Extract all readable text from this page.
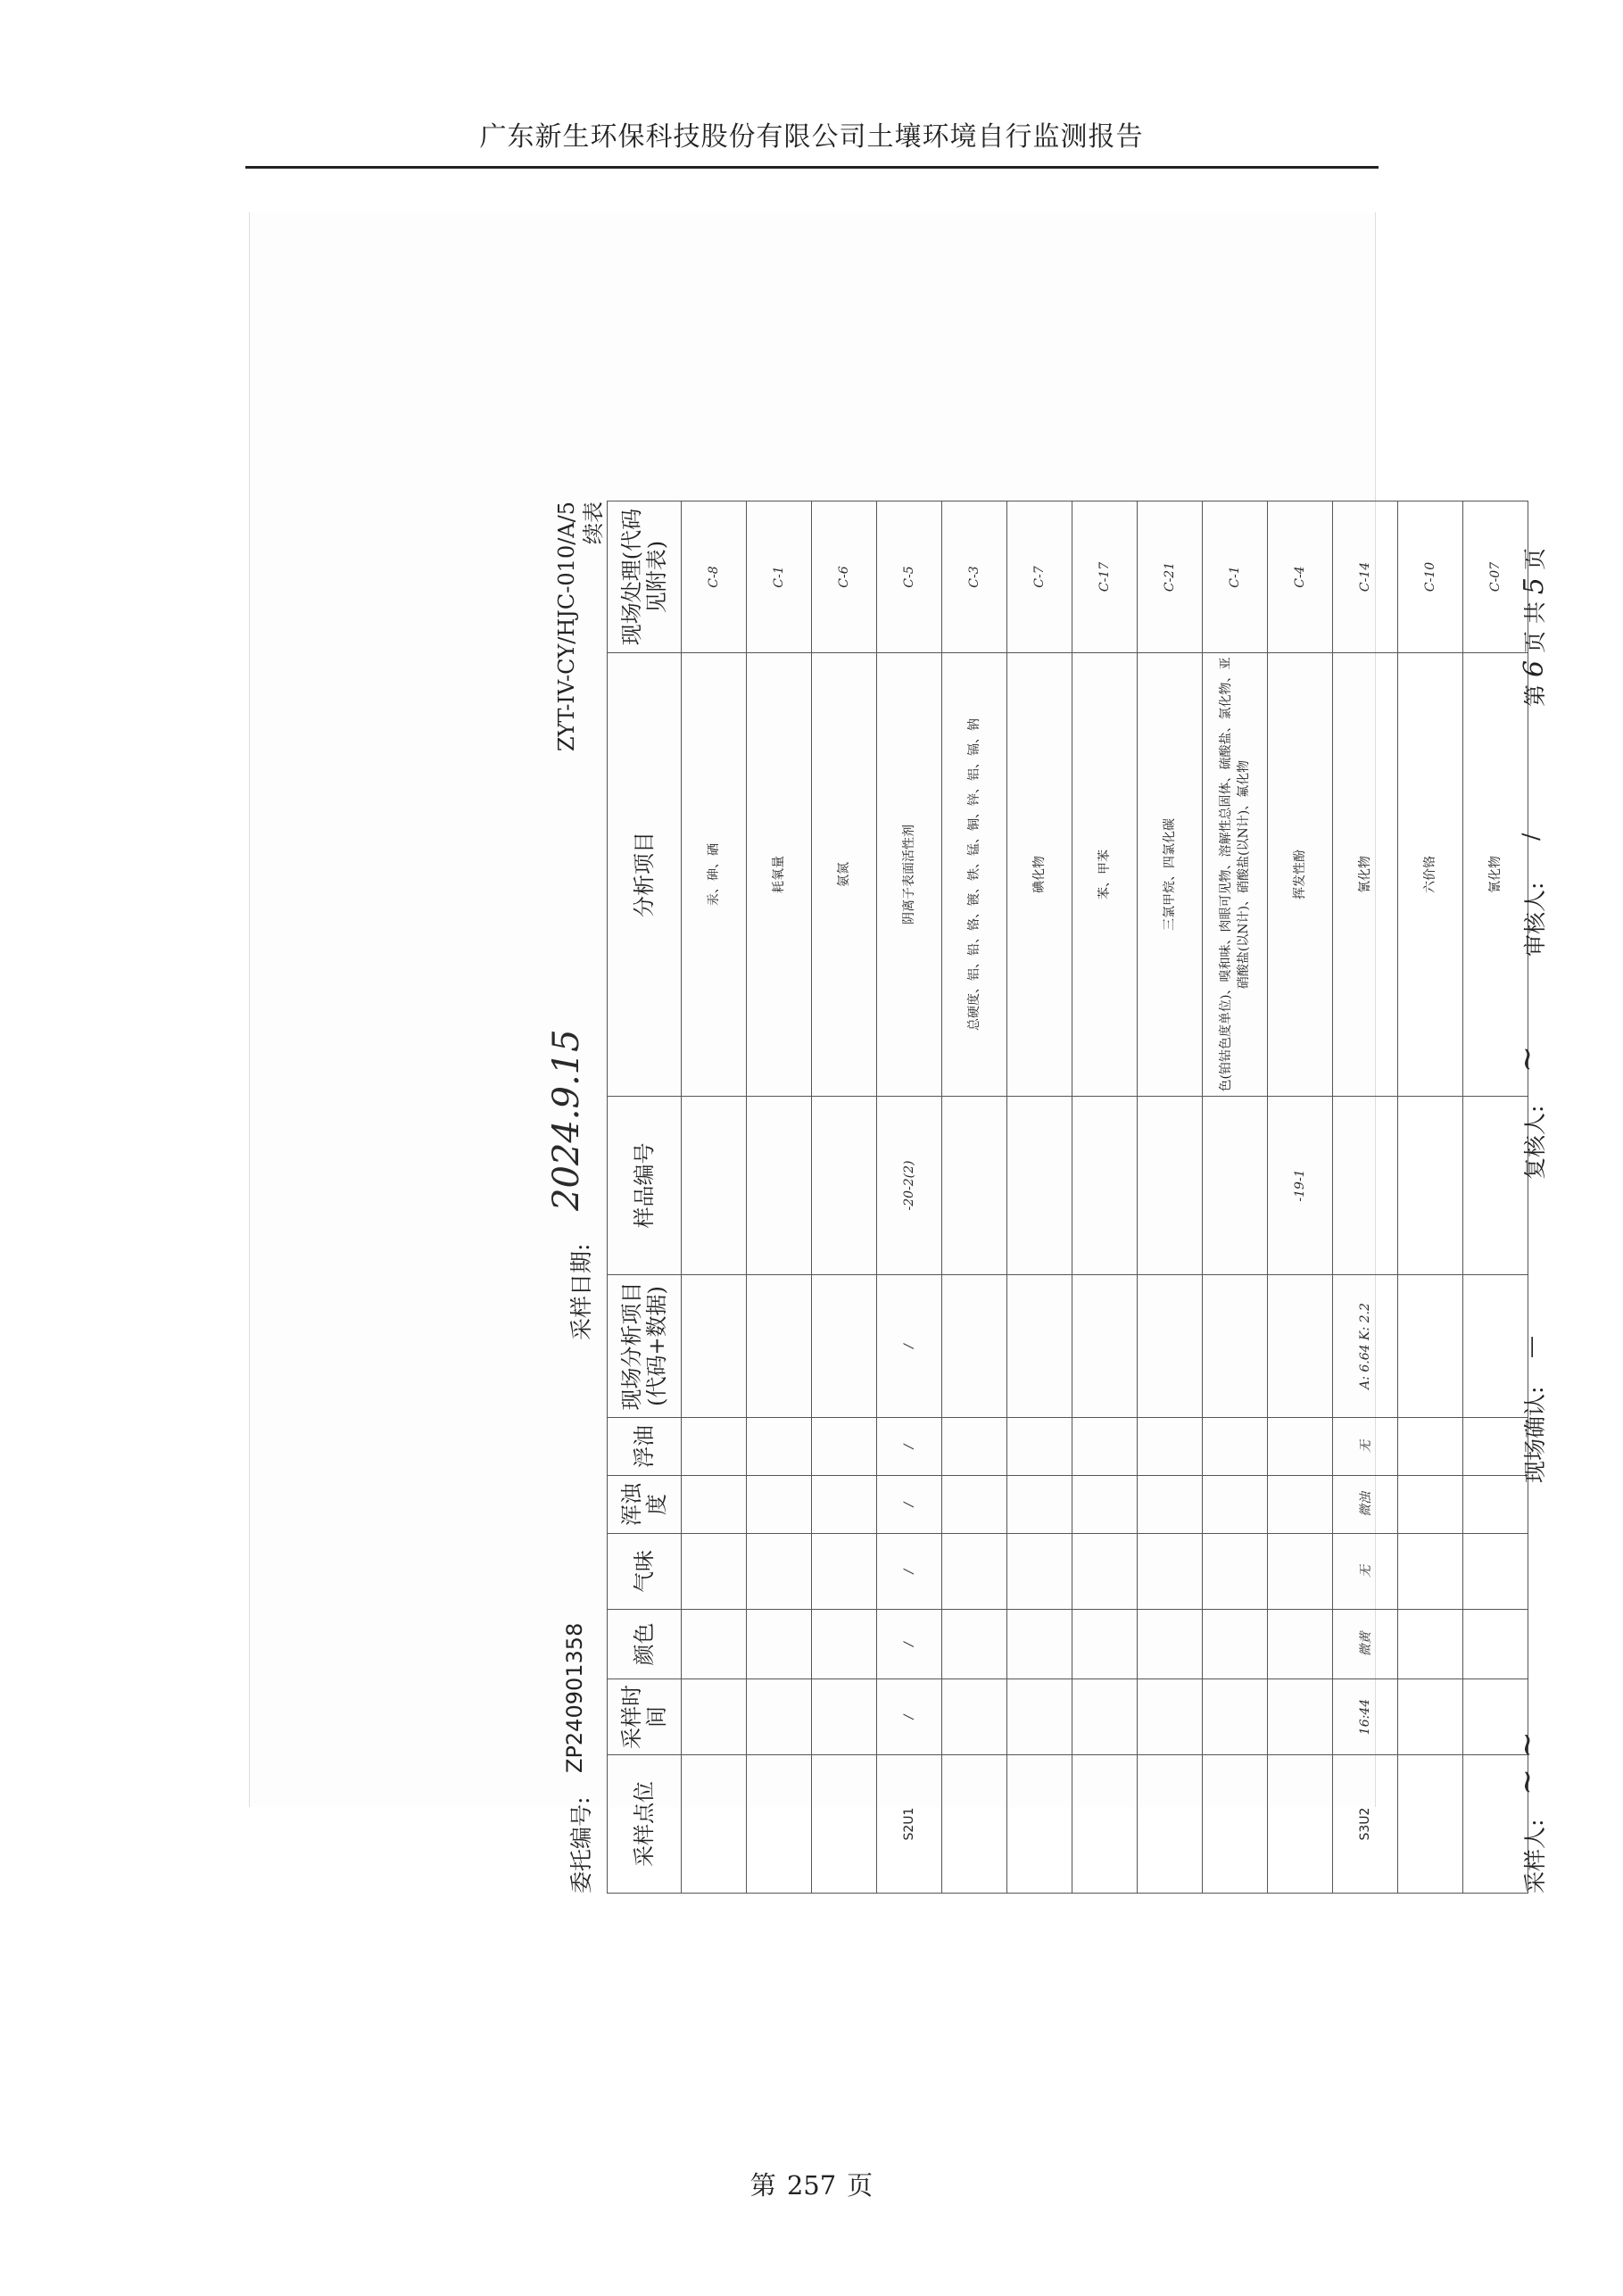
广东新生环保科技股份有限公司土壤环境自行监测报告
委托编号:
ZP240901358
采样日期:
2024.9.15
ZYT-IV-CY/HJC-010/A/5 续表
采样点位	采样时间	颜色	气味	浑浊度	浮油	现场分析项目(代码+数据)	样品编号	分析项目	现场处理(代码见附表)
								汞、砷、硒	C-8
								耗氧量	C-1
								氨氮	C-6
S2U1	/	/	/	/	/	/	-20-2(2)	阴离子表面活性剂	C-5
								总硬度、铝、铅、铬、镀、铁、锰、铜、锌、铝、镉、钠	C-3
								碘化物	C-7
								苯、甲苯	C-17
								三氯甲烷、四氯化碳	C-21
								色(铂钴色度单位)、嗅和味、肉眼可见物、溶解性总固体、硫酸盐、氯化物、亚硝酸盐(以N计)、硝酸盐(以N计)、氟化物	C-1
							-19-1	挥发性酚	C-4
S3U2	16:44	微黄	无	微浊	无	A: 6.64 K: 2.2		氰化物	C-14
								六价铬	C-10
								氰化物	C-07
采样人:
∼ ∼
现场确认:
—
复核人:
∼
审核人:
/
第 6 页 共 5 页
第 257 页
